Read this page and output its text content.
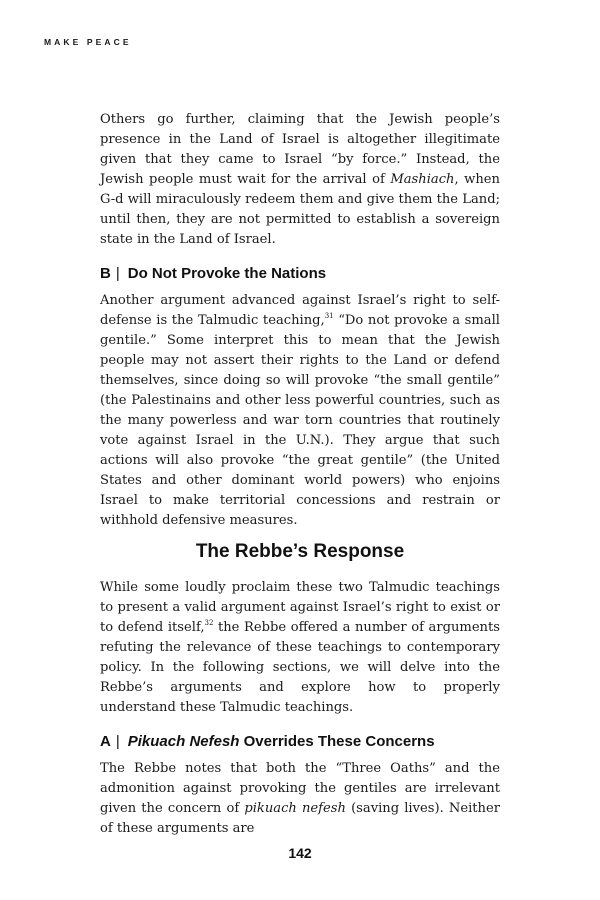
MAKE PEACE

Others go further, claiming that the Jewish people’s presence in the Land of Israel is altogether illegitimate given that they came to Israel “by force.” Instead, the Jewish people must wait for the arrival of Mashiach, when G-d will miraculously redeem them and give them the Land; until then, they are not permitted to establish a sovereign state in the Land of Israel.

B | Do Not Provoke the Nations

Another argument advanced against Israel’s right to self-defense is the Talmudic teaching,$^{31}$ “Do not provoke a small gentile.” Some interpret this to mean that the Jewish people may not assert their rights to the Land or defend themselves, since doing so will provoke “the small gentile” (the Palestinains and other less powerful countries, such as the many powerless and war torn countries that routinely vote against Israel in the U.N.). They argue that such actions will also provoke “the great gentile” (the United States and other dominant world powers) who enjoins Israel to make territorial concessions and restrain or withhold defensive measures.

The Rebbe’s Response

While some loudly proclaim these two Talmudic teachings to present a valid argument against Israel’s right to exist or to defend itself,$^{32}$ the Rebbe offered a number of arguments refuting the relevance of these teachings to contemporary policy. In the following sections, we will delve into the Rebbe’s arguments and explore how to properly understand these Talmudic teachings.

A | Pikuach Nefesh Overrides These Concerns

The Rebbe notes that both the “Three Oaths” and the admonition against provoking the gentiles are irrelevant given the concern of pikuach nefesh (saving lives). Neither of these arguments are

142
